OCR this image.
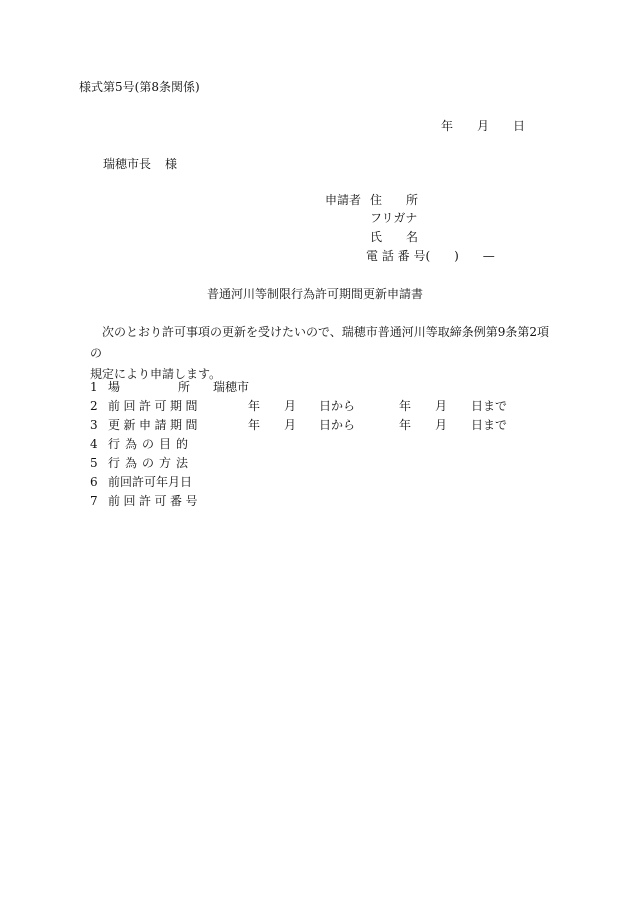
様式第5号(第8条関係)
年 月 日
瑞穂市長 様
申請者 住　　所
フリガナ
氏　　名
電 話 番 号(　　)　　—
普通河川等制限行為許可期間更新申請書
次のとおり許可事項の更新を受けたいので、瑞穂市普通河川等取締条例第9条第2項の
規定により申請します。
1 場	所 瑞穂市
2 前回許可期間	年 月 日から	年 月 日まで
3 更新申請期間	年 月 日から	年 月 日まで
4 行為の目的
5 行為の方法
6 前回許可年月日
7 前回許可番号
